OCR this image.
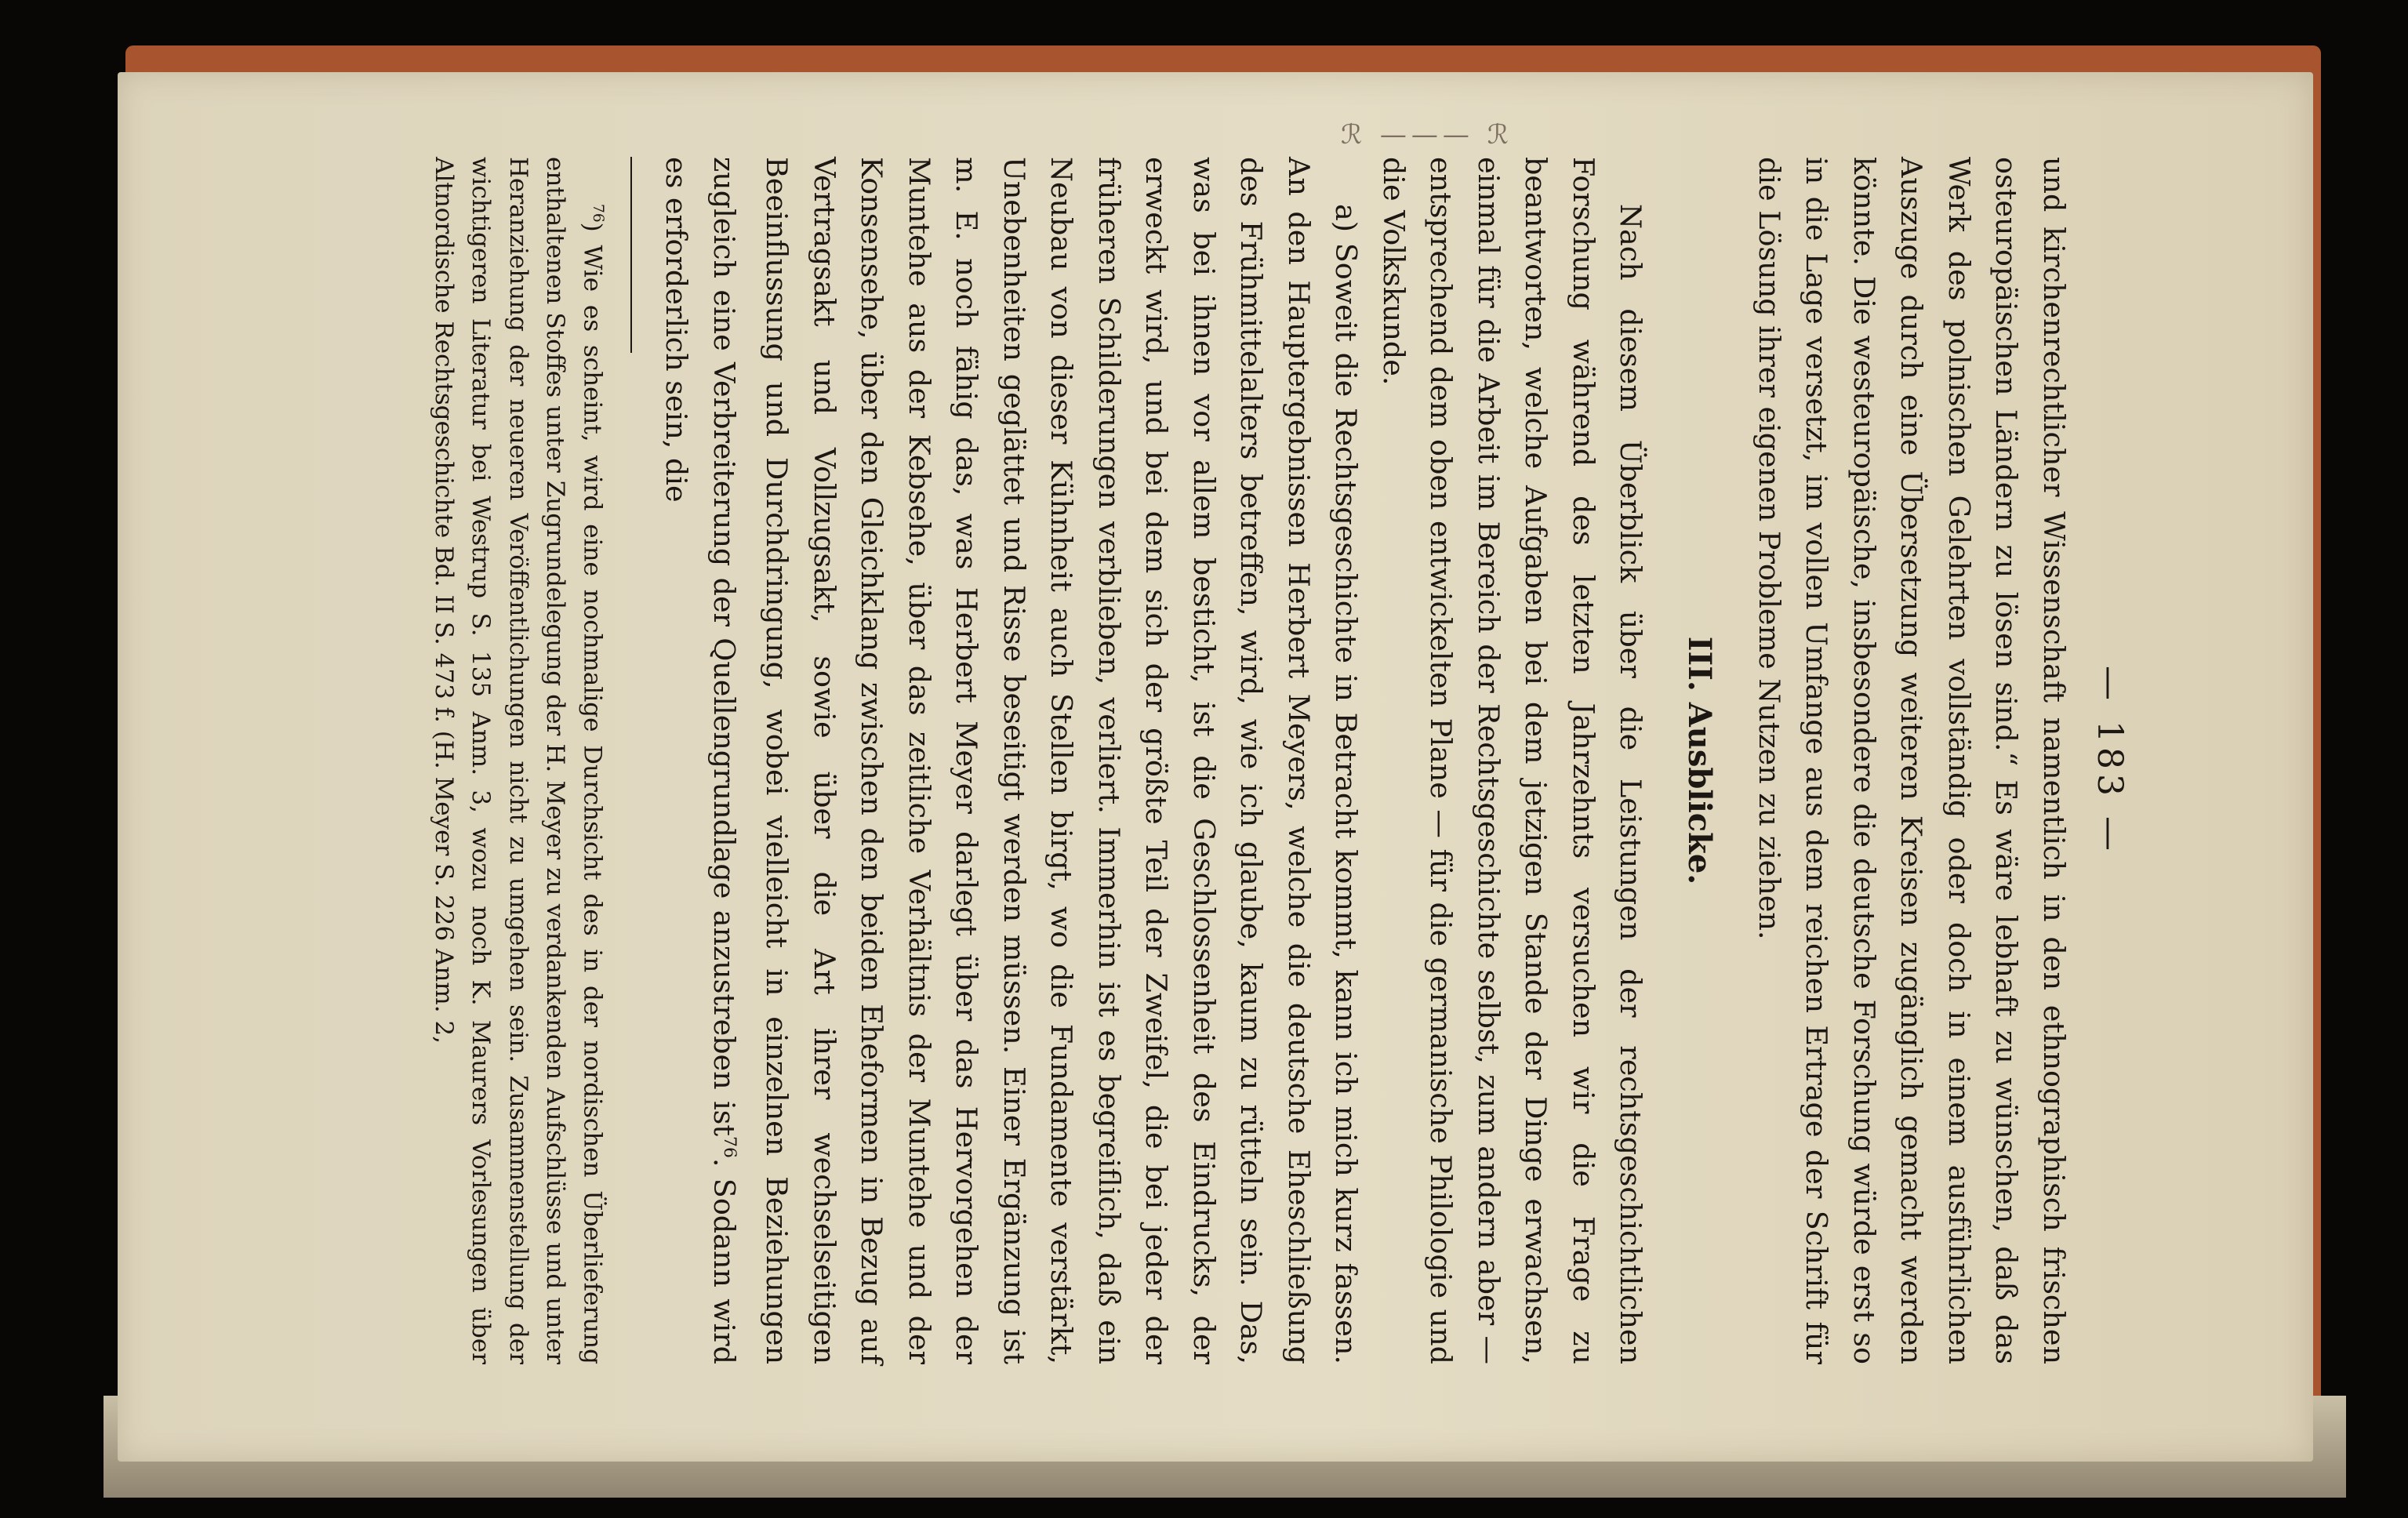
ℛ ——— ℛ
— 183 —

und kirchenrechtlicher Wissenschaft namentlich in den ethnographisch frischen osteuropäischen Ländern zu lösen sind.“ Es wäre lebhaft zu wünschen, daß das Werk des polnischen Gelehrten vollständig oder doch in einem ausführlichen Auszuge durch eine Übersetzung weiteren Kreisen zugänglich gemacht werden könnte. Die westeuropäische, insbesondere die deutsche Forschung würde erst so in die Lage versetzt, im vollen Umfange aus dem reichen Ertrage der Schrift für die Lösung ihrer eigenen Probleme Nutzen zu ziehen.

III. Ausblicke.

Nach diesem Überblick über die Leistungen der rechtsgeschichtlichen Forschung während des letzten Jahrzehnts versuchen wir die Frage zu beantworten, welche Aufgaben bei dem jetzigen Stande der Dinge erwachsen, einmal für die Arbeit im Bereich der Rechtsgeschichte selbst, zum andern aber — entsprechend dem oben entwickelten Plane — für die germanische Philologie und die Volkskunde.

a) Soweit die Rechtsgeschichte in Betracht kommt, kann ich mich kurz fassen. An den Hauptergebnissen Herbert Meyers, welche die deutsche Eheschließung des Frühmittelalters betreffen, wird, wie ich glaube, kaum zu rütteln sein. Das, was bei ihnen vor allem besticht, ist die Geschlossenheit des Eindrucks, der erweckt wird, und bei dem sich der größte Teil der Zweifel, die bei jeder der früheren Schilderungen verblieben, verliert. Immerhin ist es begreiflich, daß ein Neubau von dieser Kühnheit auch Stellen birgt, wo die Fundamente verstärkt, Unebenheiten geglättet und Risse beseitigt werden müssen. Einer Ergänzung ist m. E. noch fähig das, was Herbert Meyer darlegt über das Hervorgehen der Muntehe aus der Kebsehe, über das zeitliche Verhältnis der Muntehe und der Konsensehe, über den Gleichklang zwischen den beiden Eheformen in Bezug auf Vertragsakt und Vollzugsakt, sowie über die Art ihrer wechselseitigen Beeinflussung und Durchdringung, wobei vielleicht in einzelnen Beziehungen zugleich eine Verbreiterung der Quellengrundlage anzustreben ist$^{76}$. Sodann wird es erforderlich sein, die

$^{76}$) Wie es scheint, wird eine nochmalige Durchsicht des in der nordischen Überlieferung enthaltenen Stoffes unter Zugrundelegung der H. Meyer zu verdankenden Aufschlüsse und unter Heranziehung der neueren Veröffentlichungen nicht zu umgehen sein. Zusammenstellung der wichtigeren Literatur bei Westrup S. 135 Anm. 3, wozu noch K. Maurers Vorlesungen über Altnordische Rechtsgeschichte Bd. II S. 473 f. (H. Meyer S. 226 Anm. 2,
